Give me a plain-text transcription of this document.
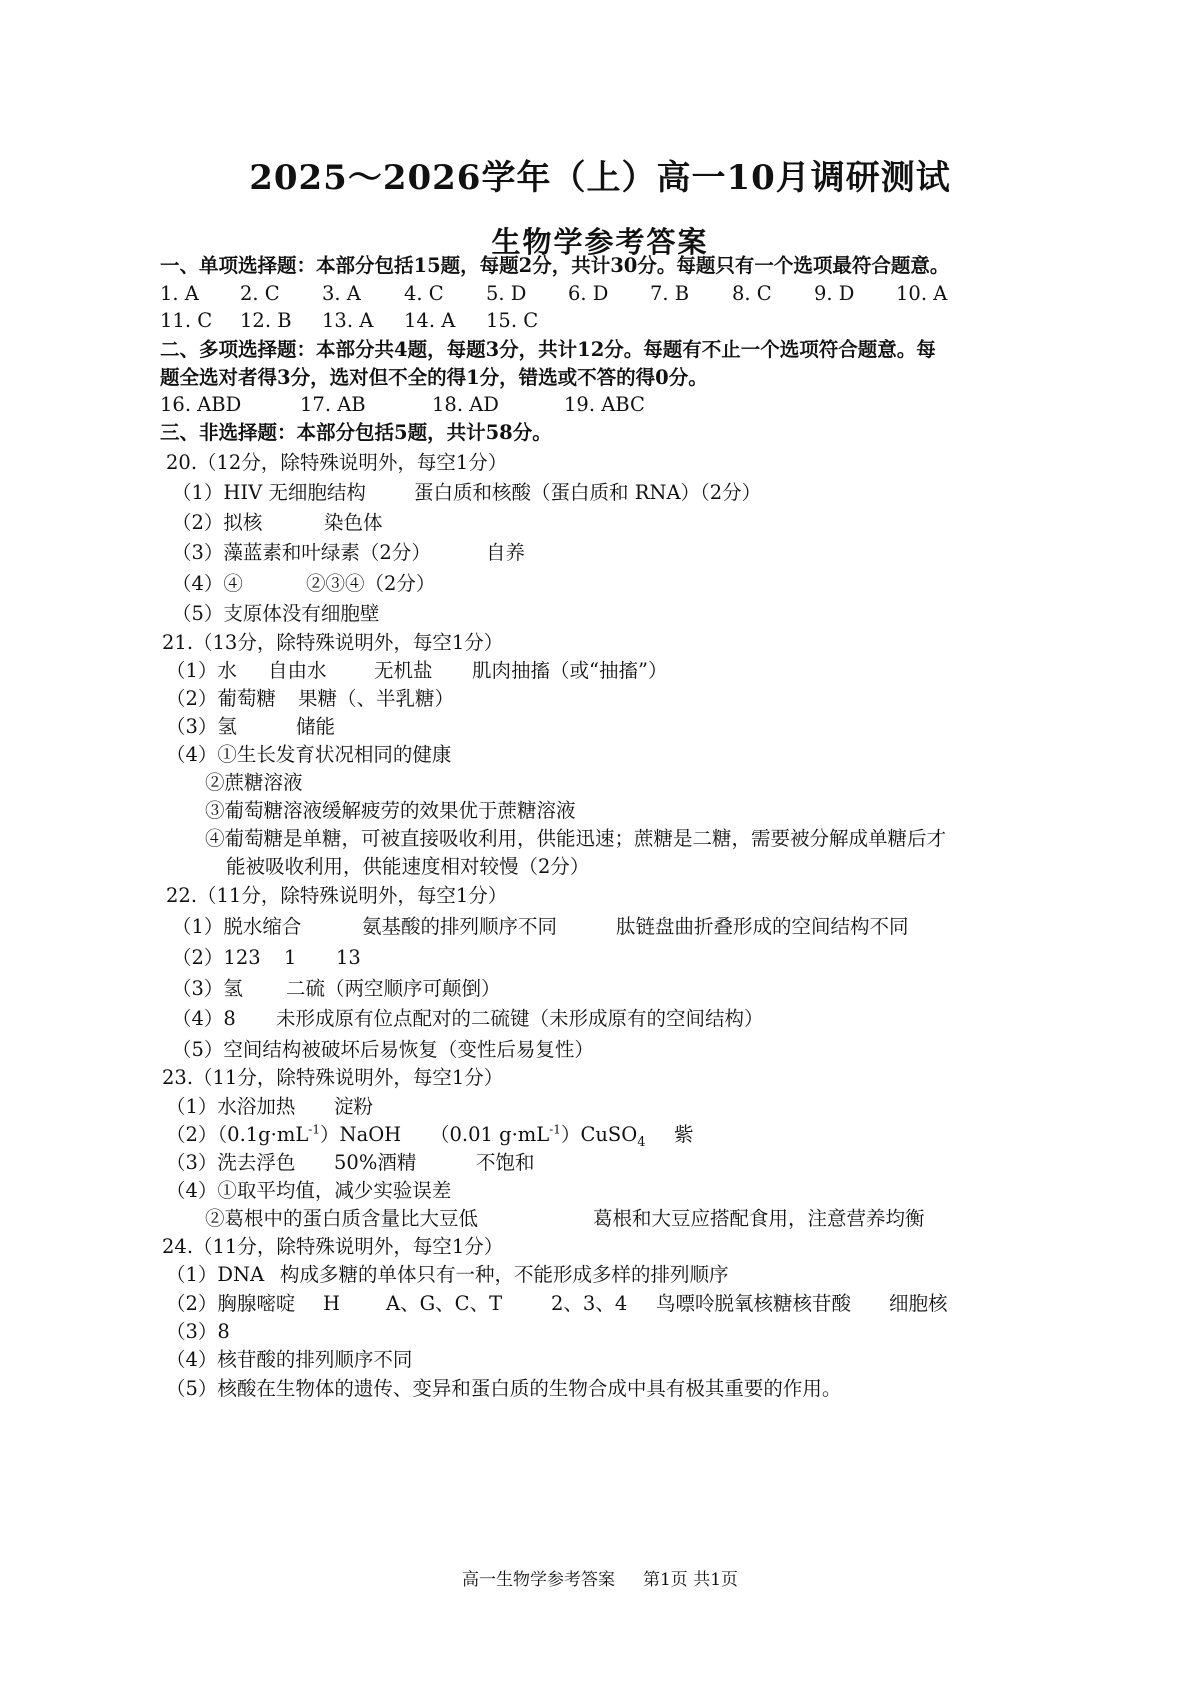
2025～2026学年（上）高一10月调研测试
生物学参考答案
一、单项选择题：本部分包括15题，每题2分，共计30分。每题只有一个选项最符合题意。
1. A 2. C 3. A 4. C 5. D 6. D 7. B 8. C 9. D 10. A
11. C 12. B 13. A 14. A 15. C
二、多项选择题：本部分共4题，每题3分，共计12分。每题有不止一个选项符合题意。每
题全选对者得3分，选对但不全的得1分，错选或不答的得0分。
16. ABD	17. AB	18. AD	19. ABC
三、非选择题：本部分包括5题，共计58分。
20.（12分，除特殊说明外，每空1分）
（1）HIV 无细胞结构 蛋白质和核酸（蛋白质和 RNA）（2分）
（2）拟核	染色体
（3）藻蓝素和叶绿素（2分）	自养
（4）④	②③④（2分）
（5）支原体没有细胞壁
21.（13分，除特殊说明外，每空1分）
（1）水 自由水 无机盐 肌肉抽搐（或“抽搐”）
（2）葡萄糖 果糖（、半乳糖）
（3）氢	储能
（4）①生长发育状况相同的健康
②蔗糖溶液
③葡萄糖溶液缓解疲劳的效果优于蔗糖溶液
④葡萄糖是单糖，可被直接吸收利用，供能迅速；蔗糖是二糖，需要被分解成单糖后才
能被吸收利用，供能速度相对较慢（2分）
22.（11分，除特殊说明外，每空1分）
（1）脱水缩合	氨基酸的排列顺序不同	肽链盘曲折叠形成的空间结构不同
（2）123 1 13
（3）氢 二硫（两空顺序可颠倒）
（4）8 未形成原有位点配对的二硫键（未形成原有的空间结构）
（5）空间结构被破坏后易恢复（变性后易复性）
23.（11分，除特殊说明外，每空1分）
（1）水浴加热 淀粉
$(2)(0.1g\cdot mL^{-1})NaOH$ （0.01 $g\cdot mL^{-1})CuSO_4$ 紫
（3）洗去浮色 50%酒精	不饱和
（4）①取平均值，减少实验误差
②葛根中的蛋白质含量比大豆低	葛根和大豆应搭配食用，注意营养均衡
24.（11分，除特殊说明外，每空1分）
（1）DNA 构成多糖的单体只有一种，不能形成多样的排列顺序
（2）胸腺嘧啶 H A、G、C、T	2、3、4 鸟嘌呤脱氧核糖核苷酸 细胞核
（3）8
（4）核苷酸的排列顺序不同
（5）核酸在生物体的遗传、变异和蛋白质的生物合成中具有极其重要的作用。
高一生物学参考答案 第1页 共1页
